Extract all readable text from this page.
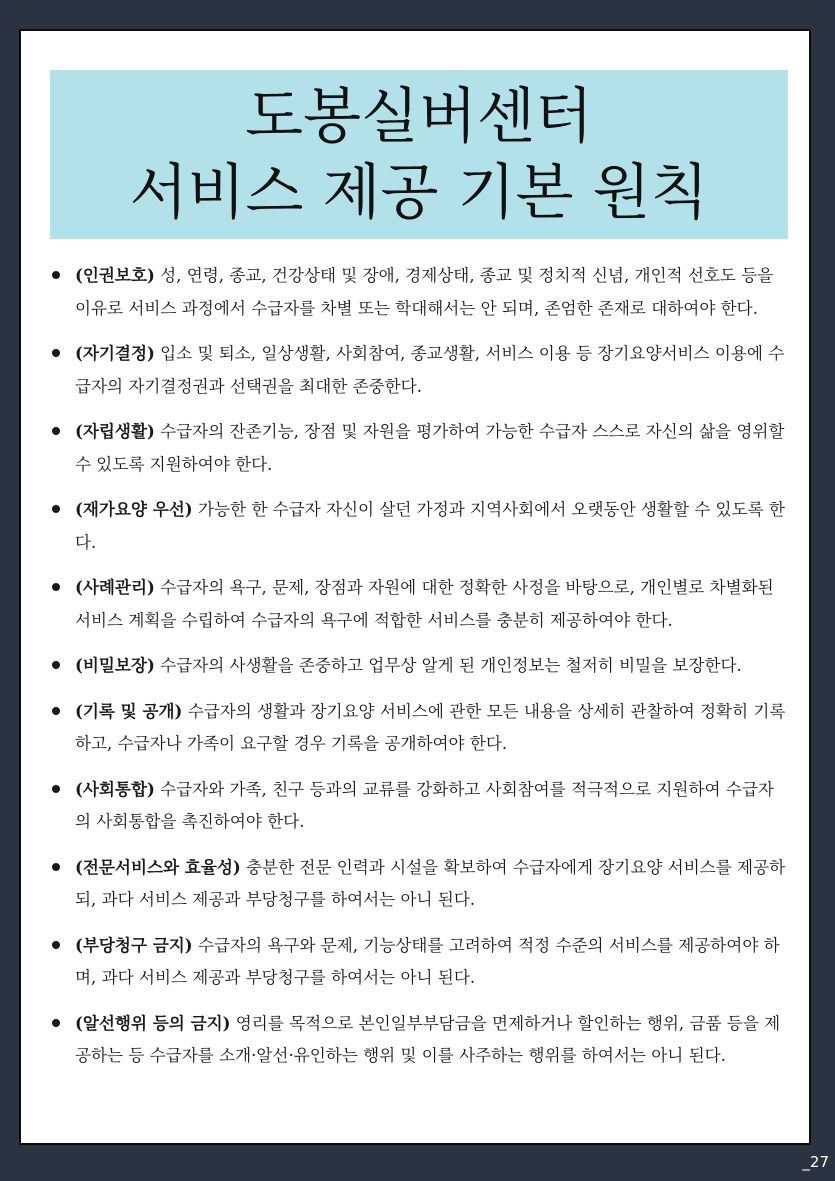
도봉실버센터
서비스 제공 기본 원칙
(인권보호) 성, 연령, 종교, 건강상태 및 장애, 경제상태, 종교 및 정치적 신념, 개인적 선호도 등을 이유로 서비스 과정에서 수급자를 차별 또는 학대해서는 안 되며, 존엄한 존재로 대하여야 한다.
(자기결정) 입소 및 퇴소, 일상생활, 사회참여, 종교생활, 서비스 이용 등 장기요양서비스 이용에 수급자의 자기결정권과 선택권을 최대한 존중한다.
(자립생활) 수급자의 잔존기능, 장점 및 자원을 평가하여 가능한 수급자 스스로 자신의 삶을 영위할 수 있도록 지원하여야 한다.
(재가요양 우선) 가능한 한 수급자 자신이 살던 가정과 지역사회에서 오랫동안 생활할 수 있도록 한다.
(사례관리) 수급자의 욕구, 문제, 장점과 자원에 대한 정확한 사정을 바탕으로, 개인별로 차별화된 서비스 계획을 수립하여 수급자의 욕구에 적합한 서비스를 충분히 제공하여야 한다.
(비밀보장) 수급자의 사생활을 존중하고 업무상 알게 된 개인정보는 철저히 비밀을 보장한다.
(기록 및 공개) 수급자의 생활과 장기요양 서비스에 관한 모든 내용을 상세히 관찰하여 정확히 기록하고, 수급자나 가족이 요구할 경우 기록을 공개하여야 한다.
(사회통합) 수급자와 가족, 친구 등과의 교류를 강화하고 사회참여를 적극적으로 지원하여 수급자의 사회통합을 촉진하여야 한다.
(전문서비스와 효율성) 충분한 전문 인력과 시설을 확보하여 수급자에게 장기요양 서비스를 제공하되, 과다 서비스 제공과 부당청구를 하여서는 아니 된다.
(부당청구 금지) 수급자의 욕구와 문제, 기능상태를 고려하여 적정 수준의 서비스를 제공하여야 하며, 과다 서비스 제공과 부당청구를 하여서는 아니 된다.
(알선행위 등의 금지) 영리를 목적으로 본인일부부담금을 면제하거나 할인하는 행위, 금품 등을 제공하는 등 수급자를 소개·알선·유인하는 행위 및 이를 사주하는 행위를 하여서는 아니 된다.
_27
